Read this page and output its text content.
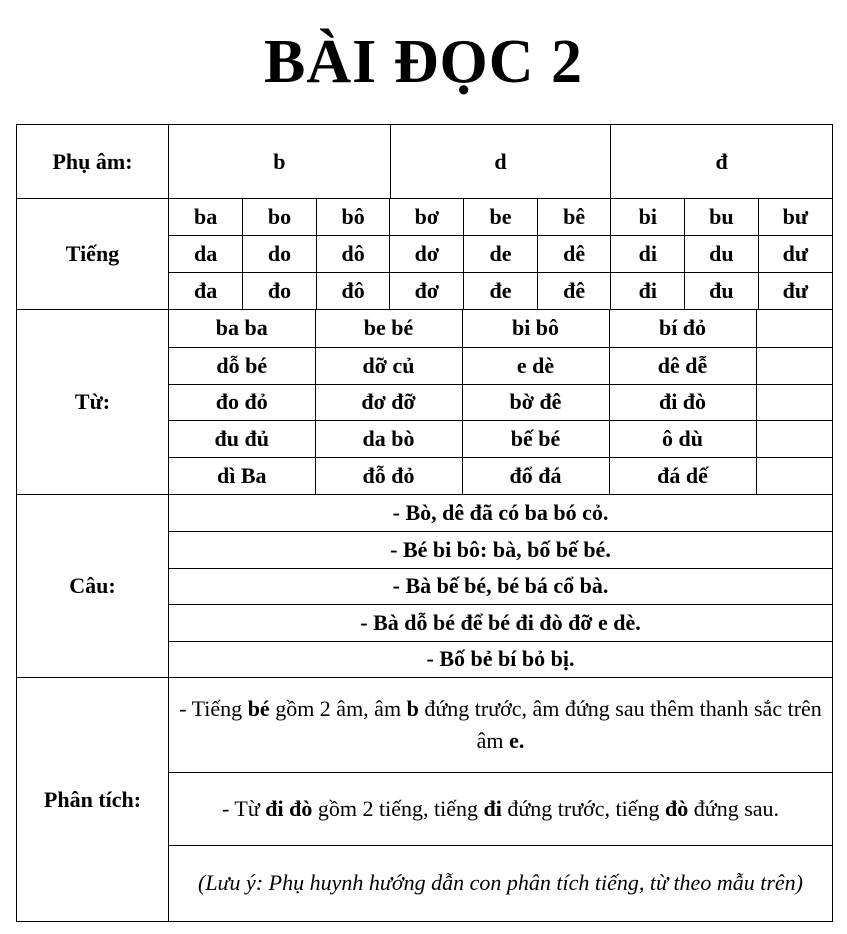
BÀI ĐỌC 2
Phụ âm:	b	d	đ

Tiếng	
ba	bo	bô	bơ	be	bê	bi	bu	bư
da	do	dô	dơ	de	dê	di	du	dư
đa	đo	đô	đơ	đe	đê	đi	đu	đư

Từ:	
ba ba	be bé	bi bô	bí đỏ	
dỗ bé	dỡ củ	e dè	dê dễ	
đo đỏ	đơ đỡ	bờ đê	đi đò	
đu đủ	da bò	bế bé	ô dù	
dì Ba	đỗ đỏ	đổ đá	đá dế	

Câu:	
- Bò, dê đã có ba bó cỏ.
- Bé bi bô: bà, bố bế bé.
- Bà bế bé, bé bá cổ bà.
- Bà dỗ bé để bé đi đò đỡ e dè.
- Bố bẻ bí bỏ bị.

Phân tích:	
- Tiếng bé gồm 2 âm, âm b đứng trước, âm đứng sau thêm thanh sắc trên âm e.
- Từ đi đò gồm 2 tiếng, tiếng đi đứng trước, tiếng đò đứng sau.
(Lưu ý: Phụ huynh hướng dẫn con phân tích tiếng, từ theo mẫu trên)
